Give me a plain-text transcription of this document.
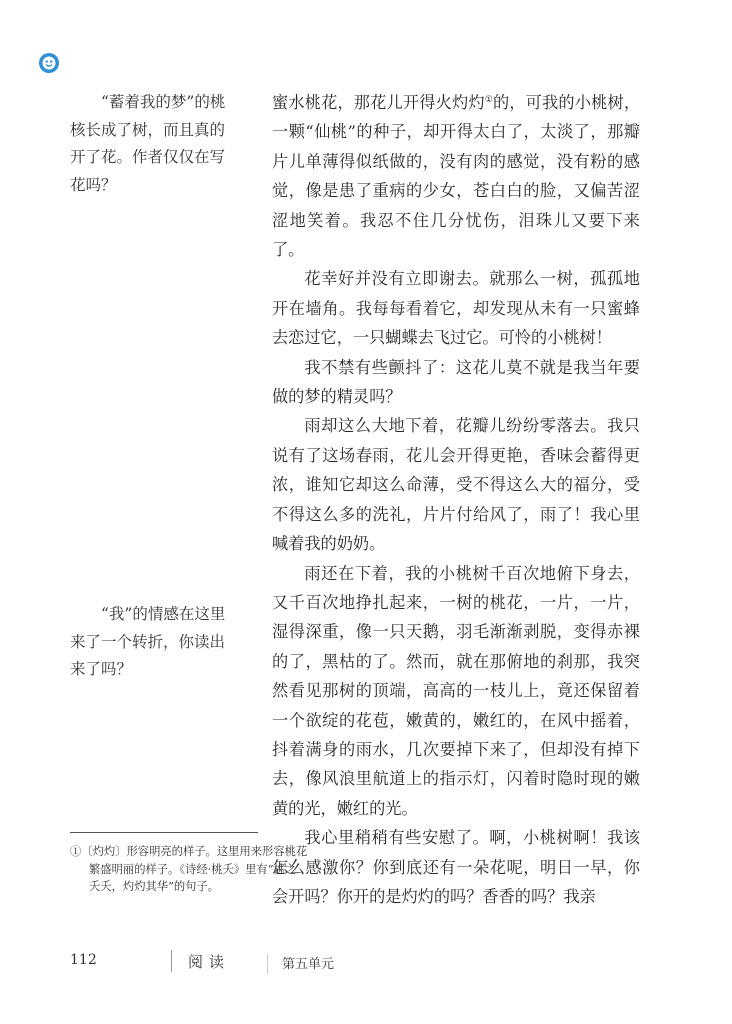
“蓄着我的梦”的桃核长成了树，而且真的开了花。作者仅仅在写花吗？

“我”的情感在这里来了一个转折，你读出来了吗？

蜜水桃花，那花儿开得火灼灼①的，可我的小桃树，一颗“仙桃”的种子，却开得太白了，太淡了，那瓣片儿单薄得似纸做的，没有肉的感觉，没有粉的感觉，像是患了重病的少女，苍白白的脸，又偏苦涩涩地笑着。我忍不住几分忧伤，泪珠儿又要下来了。

花幸好并没有立即谢去。就那么一树，孤孤地开在墙角。我每每看着它，却发现从未有一只蜜蜂去恋过它，一只蝴蝶去飞过它。可怜的小桃树！

我不禁有些颤抖了：这花儿莫不就是我当年要做的梦的精灵吗？

雨却这么大地下着，花瓣儿纷纷零落去。我只说有了这场春雨，花儿会开得更艳，香味会蓄得更浓，谁知它却这么命薄，受不得这么大的福分，受不得这么多的洗礼，片片付给风了，雨了！我心里喊着我的奶奶。

雨还在下着，我的小桃树千百次地俯下身去，又千百次地挣扎起来，一树的桃花，一片，一片，湿得深重，像一只天鹅，羽毛渐渐剥脱，变得赤裸的了，黑枯的了。然而，就在那俯地的刹那，我突然看见那树的顶端，高高的一枝儿上，竟还保留着一个欲绽的花苞，嫩黄的，嫩红的，在风中摇着，抖着满身的雨水，几次要掉下来了，但却没有掉下去，像风浪里航道上的指示灯，闪着时隐时现的嫩黄的光，嫩红的光。

我心里稍稍有些安慰了。啊，小桃树啊！我该怎么感激你？你到底还有一朵花呢，明日一早，你会开吗？你开的是灼灼的吗？香香的吗？我亲

①〔灼灼〕形容明亮的样子。这里用来形容桃花
繁盛明丽的样子。《诗经·桃夭》里有“桃之
夭夭，灼灼其华”的句子。
112	阅读	第五单元
